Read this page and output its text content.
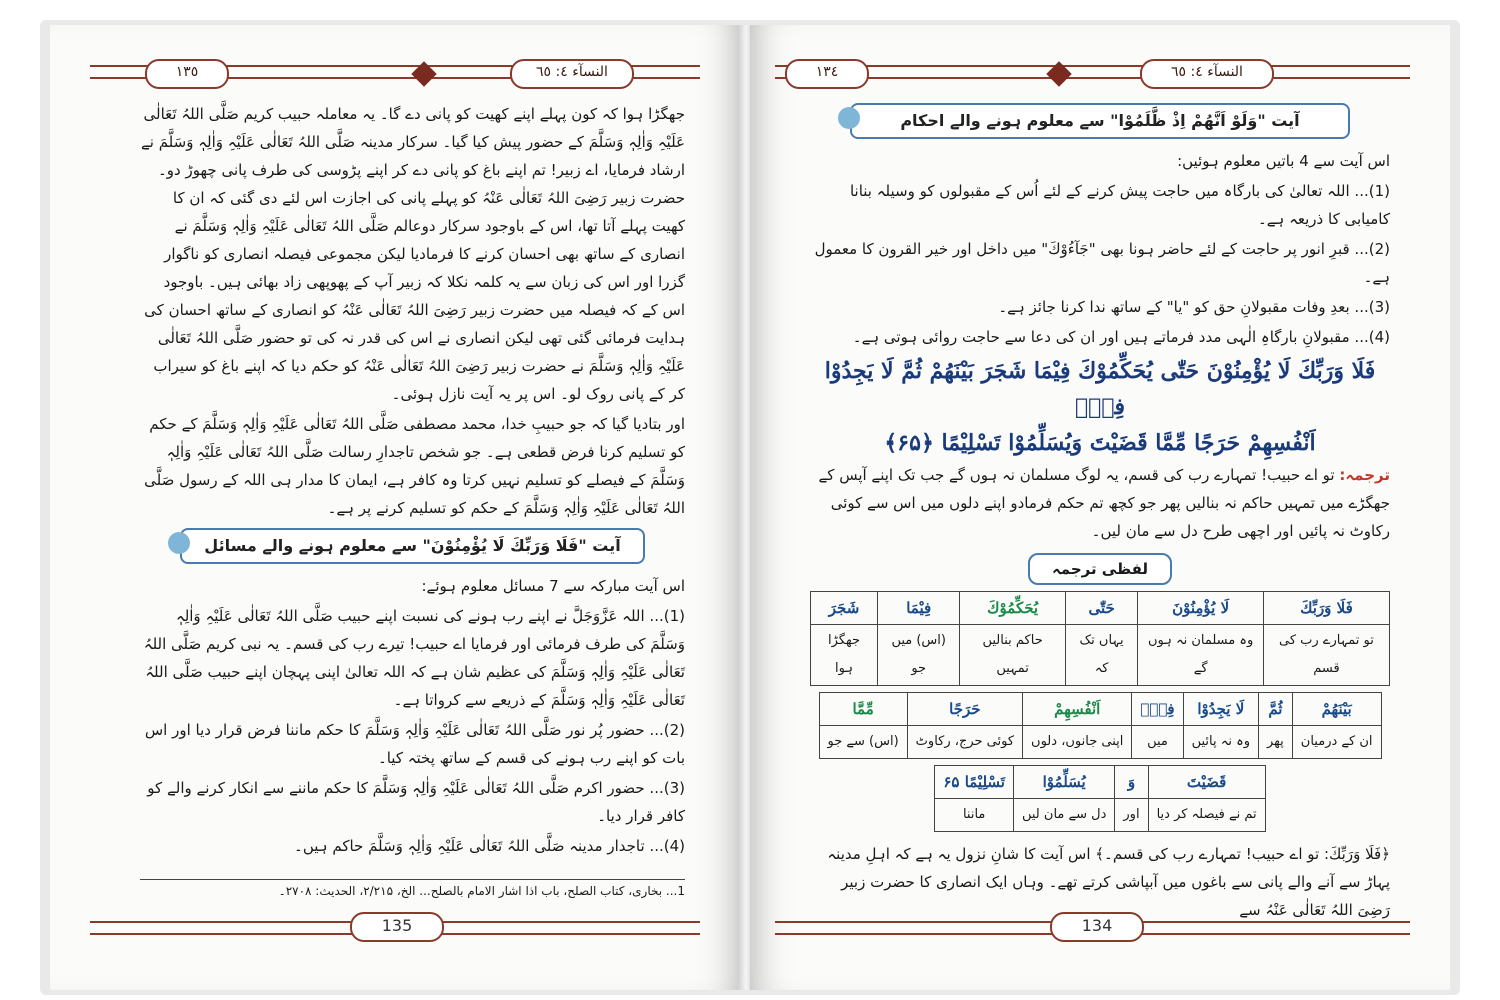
النسآء ٤: ٦٥
١٣٥

جھگڑا ہوا کہ کون پہلے اپنے کھیت کو پانی دے گا۔ یہ معاملہ حبیب کریم صَلَّی اللہُ تَعَالٰی عَلَیْہِ وَاٰلِہٖ وَسَلَّمَ کے حضور پیش کیا گیا۔ سرکار مدینہ صَلَّی اللہُ تَعَالٰی عَلَیْہِ وَاٰلِہٖ وَسَلَّمَ نے ارشاد فرمایا، اے زبیر! تم اپنے باغ کو پانی دے کر اپنے پڑوسی کی طرف پانی چھوڑ دو۔ حضرت زبیر رَضِیَ اللہُ تَعَالٰی عَنْہُ کو پہلے پانی کی اجازت اس لئے دی گئی کہ ان کا کھیت پہلے آتا تھا، اس کے باوجود سرکار دوعالم صَلَّی اللہُ تَعَالٰی عَلَیْہِ وَاٰلِہٖ وَسَلَّمَ نے انصاری کے ساتھ بھی احسان کرنے کا فرمادیا لیکن مجموعی فیصلہ انصاری کو ناگوار گزرا اور اس کی زبان سے یہ کلمہ نکلا کہ زبیر آپ کے پھوپھی زاد بھائی ہیں۔ باوجود اس کے کہ فیصلہ میں حضرت زبیر رَضِیَ اللہُ تَعَالٰی عَنْہُ کو انصاری کے ساتھ احسان کی ہدایت فرمائی گئی تھی لیکن انصاری نے اس کی قدر نہ کی تو حضور صَلَّی اللہُ تَعَالٰی عَلَیْہِ وَاٰلِہٖ وَسَلَّمَ نے حضرت زبیر رَضِیَ اللہُ تَعَالٰی عَنْہُ کو حکم دیا کہ اپنے باغ کو سیراب کر کے پانی روک لو۔ اس پر یہ آیت نازل ہوئی۔

اور بتادیا گیا کہ جو حبیبِ خدا، محمد مصطفی صَلَّی اللہُ تَعَالٰی عَلَیْہِ وَاٰلِہٖ وَسَلَّمَ کے حکم کو تسلیم کرنا فرض قطعی ہے۔ جو شخص تاجدارِ رسالت صَلَّی اللہُ تَعَالٰی عَلَیْہِ وَاٰلِہٖ وَسَلَّمَ کے فیصلے کو تسلیم نہیں کرتا وہ کافر ہے، ایمان کا مدار ہی اللہ کے رسول صَلَّی اللہُ تَعَالٰی عَلَیْہِ وَاٰلِہٖ وَسَلَّمَ کے حکم کو تسلیم کرنے پر ہے۔

آیت "فَلَا وَرَبِّكَ لَا یُؤْمِنُوْنَ" سے معلوم ہونے والے مسائل

اس آیت مبارکہ سے 7 مسائل معلوم ہوئے:

(1)... اللہ عَزَّوَجَلَّ نے اپنے رب ہونے کی نسبت اپنے حبیب صَلَّی اللہُ تَعَالٰی عَلَیْہِ وَاٰلِہٖ وَسَلَّمَ کی طرف فرمائی اور فرمایا اے حبیب! تیرے رب کی قسم۔ یہ نبی کریم صَلَّی اللہُ تَعَالٰی عَلَیْہِ وَاٰلِہٖ وَسَلَّمَ کی عظیم شان ہے کہ اللہ تعالیٰ اپنی پہچان اپنے حبیب صَلَّی اللہُ تَعَالٰی عَلَیْہِ وَاٰلِہٖ وَسَلَّمَ کے ذریعے سے کرواتا ہے۔

(2)... حضور پُر نور صَلَّی اللہُ تَعَالٰی عَلَیْہِ وَاٰلِہٖ وَسَلَّمَ کا حکم ماننا فرض قرار دیا اور اس بات کو اپنے رب ہونے کی قسم کے ساتھ پختہ کیا۔

(3)... حضور اکرم صَلَّی اللہُ تَعَالٰی عَلَیْہِ وَاٰلِہٖ وَسَلَّمَ کا حکم ماننے سے انکار کرنے والے کو کافر قرار دیا۔

(4)... تاجدار مدینہ صَلَّی اللہُ تَعَالٰی عَلَیْہِ وَاٰلِہٖ وَسَلَّمَ حاکم ہیں۔

1... بخاری، کتاب الصلح، باب اذا اشار الامام بالصلح... الخ، ۲/۲۱۵، الحدیث: ۲۷۰۸۔
135
النسآء ٤: ٦٥
١٣٤
آیت "وَلَوْ اَنَّهُمْ اِذْ ظَّلَمُوْا" سے معلوم ہونے والے احکام

اس آیت سے 4 باتیں معلوم ہوئیں:

(1)... اللہ تعالیٰ کی بارگاہ میں حاجت پیش کرنے کے لئے اُس کے مقبولوں کو وسیلہ بنانا کامیابی کا ذریعہ ہے۔

(2)... قبرِ انور پر حاجت کے لئے حاضر ہونا بھی "جَآءُوْكَ" میں داخل اور خیر القرون کا معمول ہے۔

(3)... بعدِ وفات مقبولانِ حق کو "یا" کے ساتھ ندا کرنا جائز ہے۔

(4)... مقبولانِ بارگاہِ الٰہی مدد فرماتے ہیں اور ان کی دعا سے حاجت روائی ہوتی ہے۔

فَلَا وَرَبِّكَ لَا یُؤْمِنُوْنَ حَتّٰى یُحَكِّمُوْكَ فِیْمَا شَجَرَ بَیْنَهُمْ ثُمَّ لَا یَجِدُوْا فِیْۤ
اَنْفُسِهِمْ حَرَجًا مِّمَّا قَضَیْتَ وَیُسَلِّمُوْا تَسْلِیْمًا ﴿۶۵﴾

ترجمہ: تو اے حبیب! تمہارے رب کی قسم، یہ لوگ مسلمان نہ ہوں گے جب تک اپنے آپس کے جھگڑے میں تمہیں حاکم نہ بنالیں پھر جو کچھ تم حکم فرمادو اپنے دلوں میں اس سے کوئی رکاوٹ نہ پائیں اور اچھی طرح دل سے مان لیں۔

لفظی ترجمہ
فَلَا وَرَبِّكَ	لَا یُؤْمِنُوْنَ	حَتّٰى	یُحَكِّمُوْكَ	فِیْمَا	شَجَرَ
تو تمہارے رب کی قسم	وہ مسلمان نہ ہوں گے	یہاں تک کہ	حاکم بنالیں تمہیں	(اس) میں جو	جھگڑا ہوا
بَیْنَهُمْ	ثُمَّ	لَا یَجِدُوْا	فِیْۤ	اَنْفُسِهِمْ	حَرَجًا	مِّمَّا
ان کے درمیان	پھر	وہ نہ پائیں	میں	اپنی جانوں، دلوں	کوئی حرج، رکاوٹ	(اس) سے جو
قَضَیْتَ	وَ	یُسَلِّمُوْا	تَسْلِیْمًا ۶۵
تم نے فیصلہ کر دیا	اور	دل سے مان لیں	ماننا

﴿فَلَا وَرَبِّكَ: تو اے حبیب! تمہارے رب کی قسم۔﴾ اس آیت کا شانِ نزول یہ ہے کہ اہلِ مدینہ پہاڑ سے آنے والے پانی سے باغوں میں آبپاشی کرتے تھے۔ وہاں ایک انصاری کا حضرت زبیر رَضِیَ اللہُ تَعَالٰی عَنْہُ سے

134
